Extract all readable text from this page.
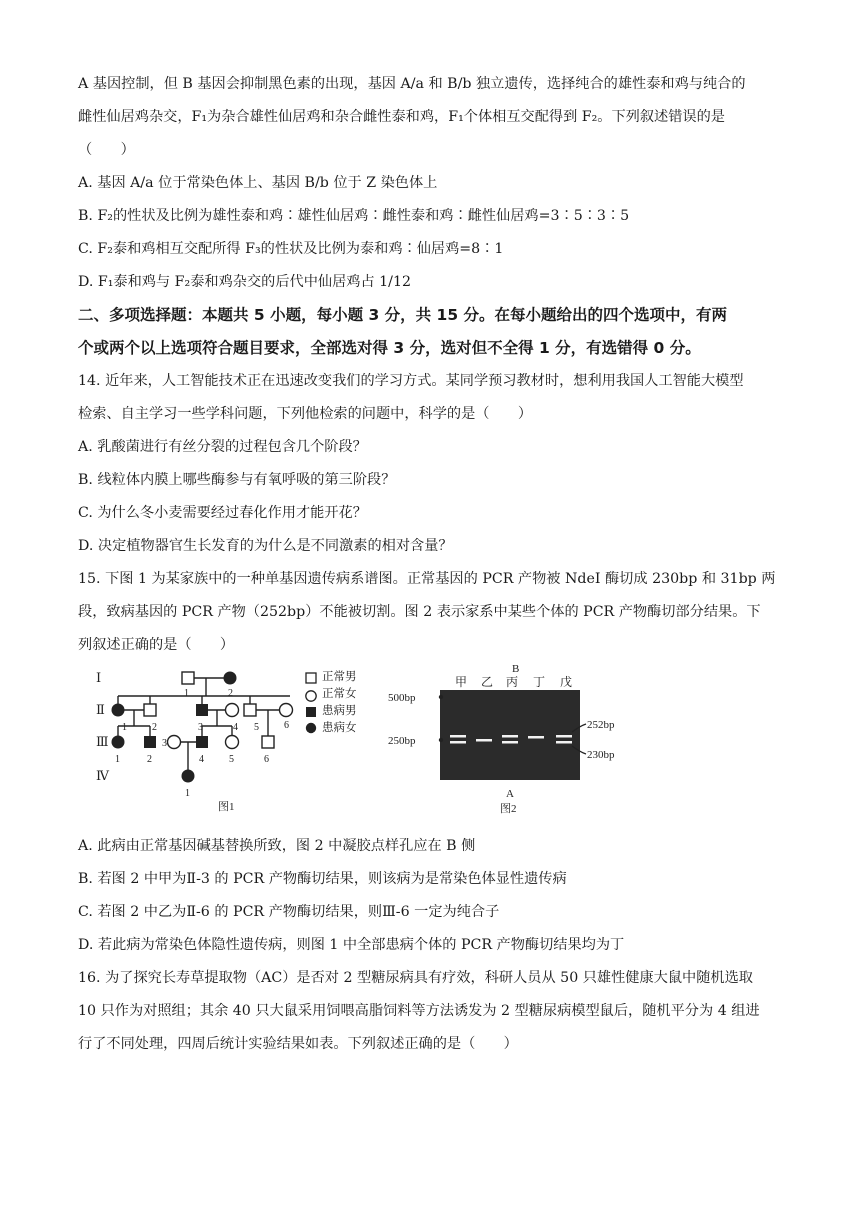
A 基因控制，但 B 基因会抑制黑色素的出现，基因 A/a 和 B/b 独立遗传，选择纯合的雄性泰和鸡与纯合的

雌性仙居鸡杂交，F₁为杂合雄性仙居鸡和杂合雌性泰和鸡，F₁个体相互交配得到 F₂。下列叙述错误的是

（　　）

A. 基因 A/a 位于常染色体上、基因 B/b 位于 Z 染色体上

B. F₂的性状及比例为雄性泰和鸡∶雄性仙居鸡∶雌性泰和鸡∶雌性仙居鸡=3∶5∶3∶5

C. F₂泰和鸡相互交配所得 F₃的性状及比例为泰和鸡∶仙居鸡=8∶1

D. F₁泰和鸡与 F₂泰和鸡杂交的后代中仙居鸡占 1/12

二、多项选择题：本题共 5 小题，每小题 3 分，共 15 分。在每小题给出的四个选项中，有两

个或两个以上选项符合题目要求，全部选对得 3 分，选对但不全得 1 分，有选错得 0 分。

14. 近年来，人工智能技术正在迅速改变我们的学习方式。某同学预习教材时，想利用我国人工智能大模型

检索、自主学习一些学科问题，下列他检索的问题中，科学的是（　　）

A. 乳酸菌进行有丝分裂的过程包含几个阶段？

B. 线粒体内膜上哪些酶参与有氧呼吸的第三阶段？

C. 为什么冬小麦需要经过春化作用才能开花？

D. 决定植物器官生长发育的为什么是不同激素的相对含量？

15. 下图 1 为某家族中的一种单基因遗传病系谱图。正常基因的 PCR 产物被 NdeI 酶切成 230bp 和 31bp 两

段，致病基因的 PCR 产物（252bp）不能被切割。图 2 表示家系中某些个体的 PCR 产物酶切部分结果。下

列叙述正确的是（　　）

Ⅰ
Ⅱ
Ⅲ
Ⅳ
1	2
1	2	3	4 5	6
1	2
3
4	5	6
1
图1
正常男
正常女
患病男
患病女
B
甲 乙 丙 丁 戊
500bp
250bp
252bp
230bp
A
图2

A. 此病由正常基因碱基替换所致，图 2 中凝胶点样孔应在 B 侧

B. 若图 2 中甲为Ⅱ-3 的 PCR 产物酶切结果，则该病为是常染色体显性遗传病

C. 若图 2 中乙为Ⅱ-6 的 PCR 产物酶切结果，则Ⅲ-6 一定为纯合子

D. 若此病为常染色体隐性遗传病，则图 1 中全部患病个体的 PCR 产物酶切结果均为丁

16. 为了探究长寿草提取物（AC）是否对 2 型糖尿病具有疗效，科研人员从 50 只雄性健康大鼠中随机选取

10 只作为对照组；其余 40 只大鼠采用饲喂高脂饲料等方法诱发为 2 型糖尿病模型鼠后，随机平分为 4 组进

行了不同处理，四周后统计实验结果如表。下列叙述正确的是（　　）
